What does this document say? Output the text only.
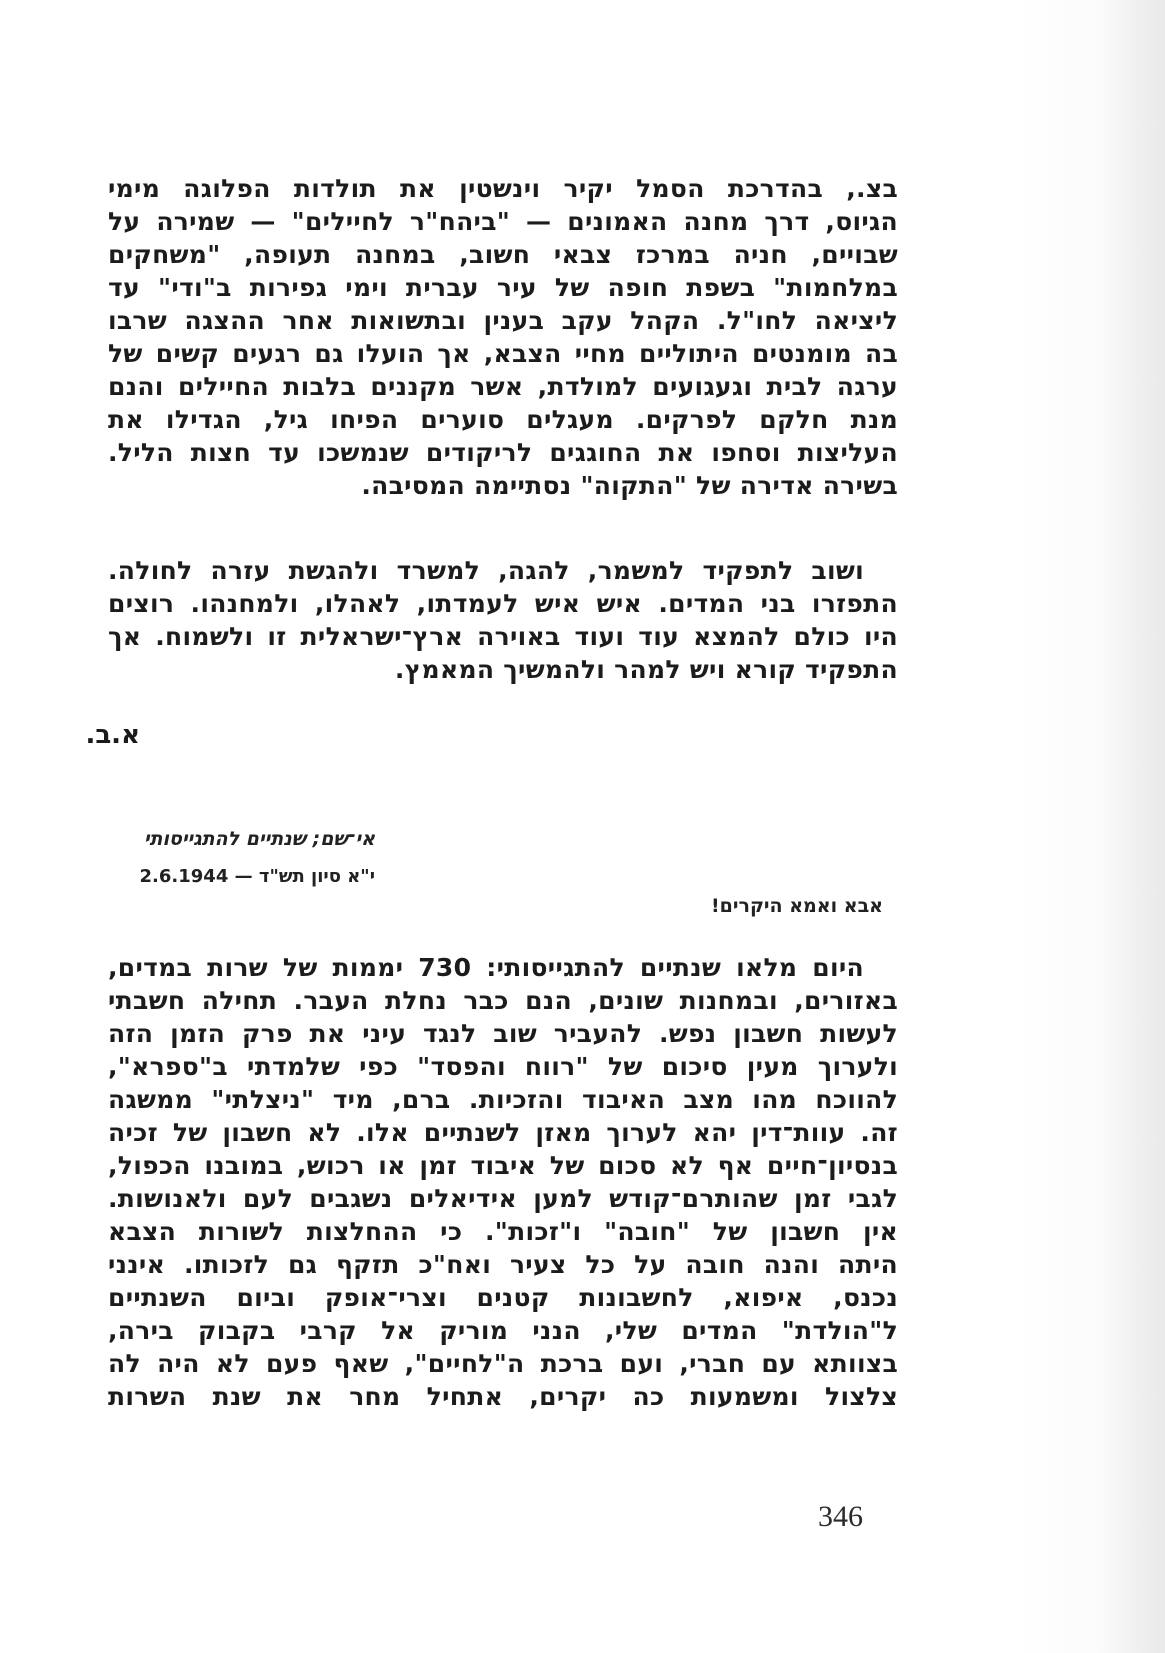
בצ., בהדרכת הסמל יקיר וינשטין את תולדות הפלוגה מימי
הגיוס, דרך מחנה האמונים — "ביהח"ר לחיילים" — שמירה על
שבויים, חניה במרכז צבאי חשוב, במחנה תעופה, "משחקים
במלחמות" בשפת חופה של עיר עברית וימי גפירות ב"ודי" עד
ליציאה לחו"ל. הקהל עקב בענין ובתשואות אחר ההצגה שרבו
בה מומנטים היתוליים מחיי הצבא, אך הועלו גם רגעים קשים של
ערגה לבית וגעגועים למולדת, אשר מקננים בלבות החיילים והנם
מנת חלקם לפרקים. מעגלים סוערים הפיחו גיל, הגדילו את
העליצות וסחפו את החוגגים לריקודים שנמשכו עד חצות הליל.
בשירה אדירה של "התקוה" נסתיימה המסיבה.
ושוב לתפקיד למשמר, להגה, למשרד ולהגשת עזרה לחולה.
התפזרו בני המדים. איש איש לעמדתו, לאהלו, ולמחנהו. רוצים
היו כולם להמצא עוד ועוד באוירה ארץ־ישראלית זו ולשמוח. אך
התפקיד קורא ויש למהר ולהמשיך המאמץ.
א.ב.
אי־שם; שנתיים להתגייסותי
י"א סיון תש"ד — 2.6.1944
אבא ואמא היקרים!
היום מלאו שנתיים להתגייסותי: 730 יממות של שרות במדים,
באזורים, ובמחנות שונים, הנם כבר נחלת העבר. תחילה חשבתי
לעשות חשבון נפש. להעביר שוב לנגד עיני את פרק הזמן הזה
ולערוך מעין סיכום של "רווח והפסד" כפי שלמדתי ב"ספרא",
להווכח מהו מצב האיבוד והזכיות. ברם, מיד "ניצלתי" ממשגה
זה. עוות־דין יהא לערוך מאזן לשנתיים אלו. לא חשבון של זכיה
בנסיון־חיים אף לא סכום של איבוד זמן או רכוש, במובנו הכפול,
לגבי זמן שהותרם־קודש למען אידיאלים נשגבים לעם ולאנושות.
אין חשבון של "חובה" ו"זכות". כי ההחלצות לשורות הצבא
היתה והנה חובה על כל צעיר ואח"כ תזקף גם לזכותו. אינני
נכנס, איפוא, לחשבונות קטנים וצרי־אופק וביום השנתיים
ל"הולדת" המדים שלי, הנני מוריק אל קרבי בקבוק בירה,
בצוותא עם חברי, ועם ברכת ה"לחיים", שאף פעם לא היה לה
צלצול ומשמעות כה יקרים, אתחיל מחר את שנת השרות
346
